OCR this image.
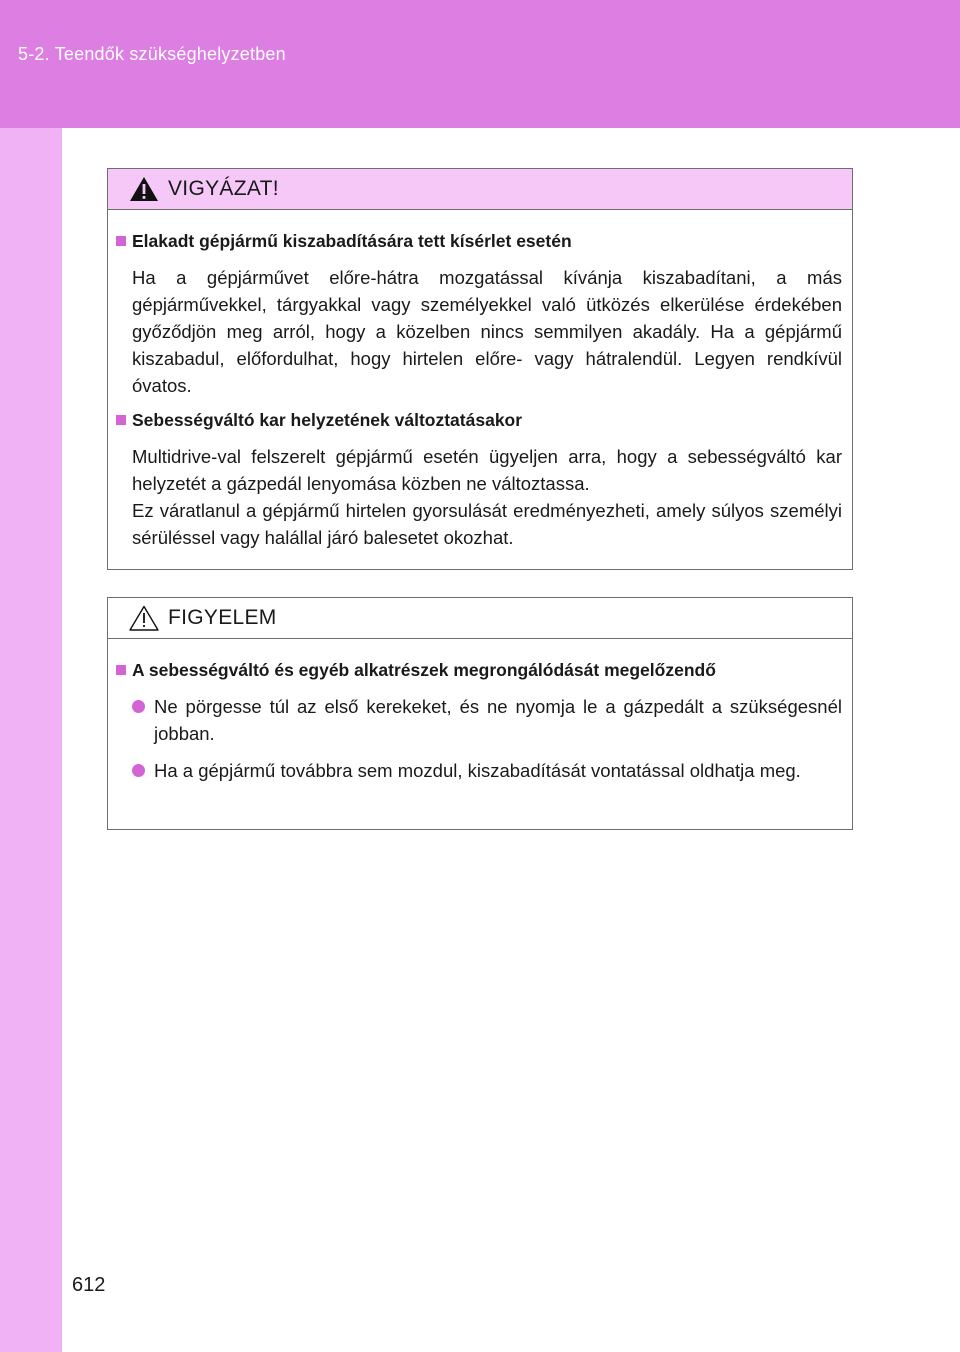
5-2. Teendők szükséghelyzetben
VIGYÁZAT!
Elakadt gépjármű kiszabadítására tett kísérlet esetén
Ha a gépjárművet előre-hátra mozgatással kívánja kiszabadítani, a más gépjárművekkel, tárgyakkal vagy személyekkel való ütközés elkerülése érdekében győződjön meg arról, hogy a közelben nincs semmilyen akadály. Ha a gépjármű kiszabadul, előfordulhat, hogy hirtelen előre- vagy hátralendül. Legyen rendkívül óvatos.
Sebességváltó kar helyzetének változtatásakor
Multidrive-val felszerelt gépjármű esetén ügyeljen arra, hogy a sebességváltó kar helyzetét a gázpedál lenyomása közben ne változtassa.
Ez váratlanul a gépjármű hirtelen gyorsulását eredményezheti, amely súlyos személyi sérüléssel vagy halállal járó balesetet okozhat.
FIGYELEM
A sebességváltó és egyéb alkatrészek megrongálódását megelőzendő
Ne pörgesse túl az első kerekeket, és ne nyomja le a gázpedált a szükségesnél jobban.
Ha a gépjármű továbbra sem mozdul, kiszabadítását vontatással oldhatja meg.
612
